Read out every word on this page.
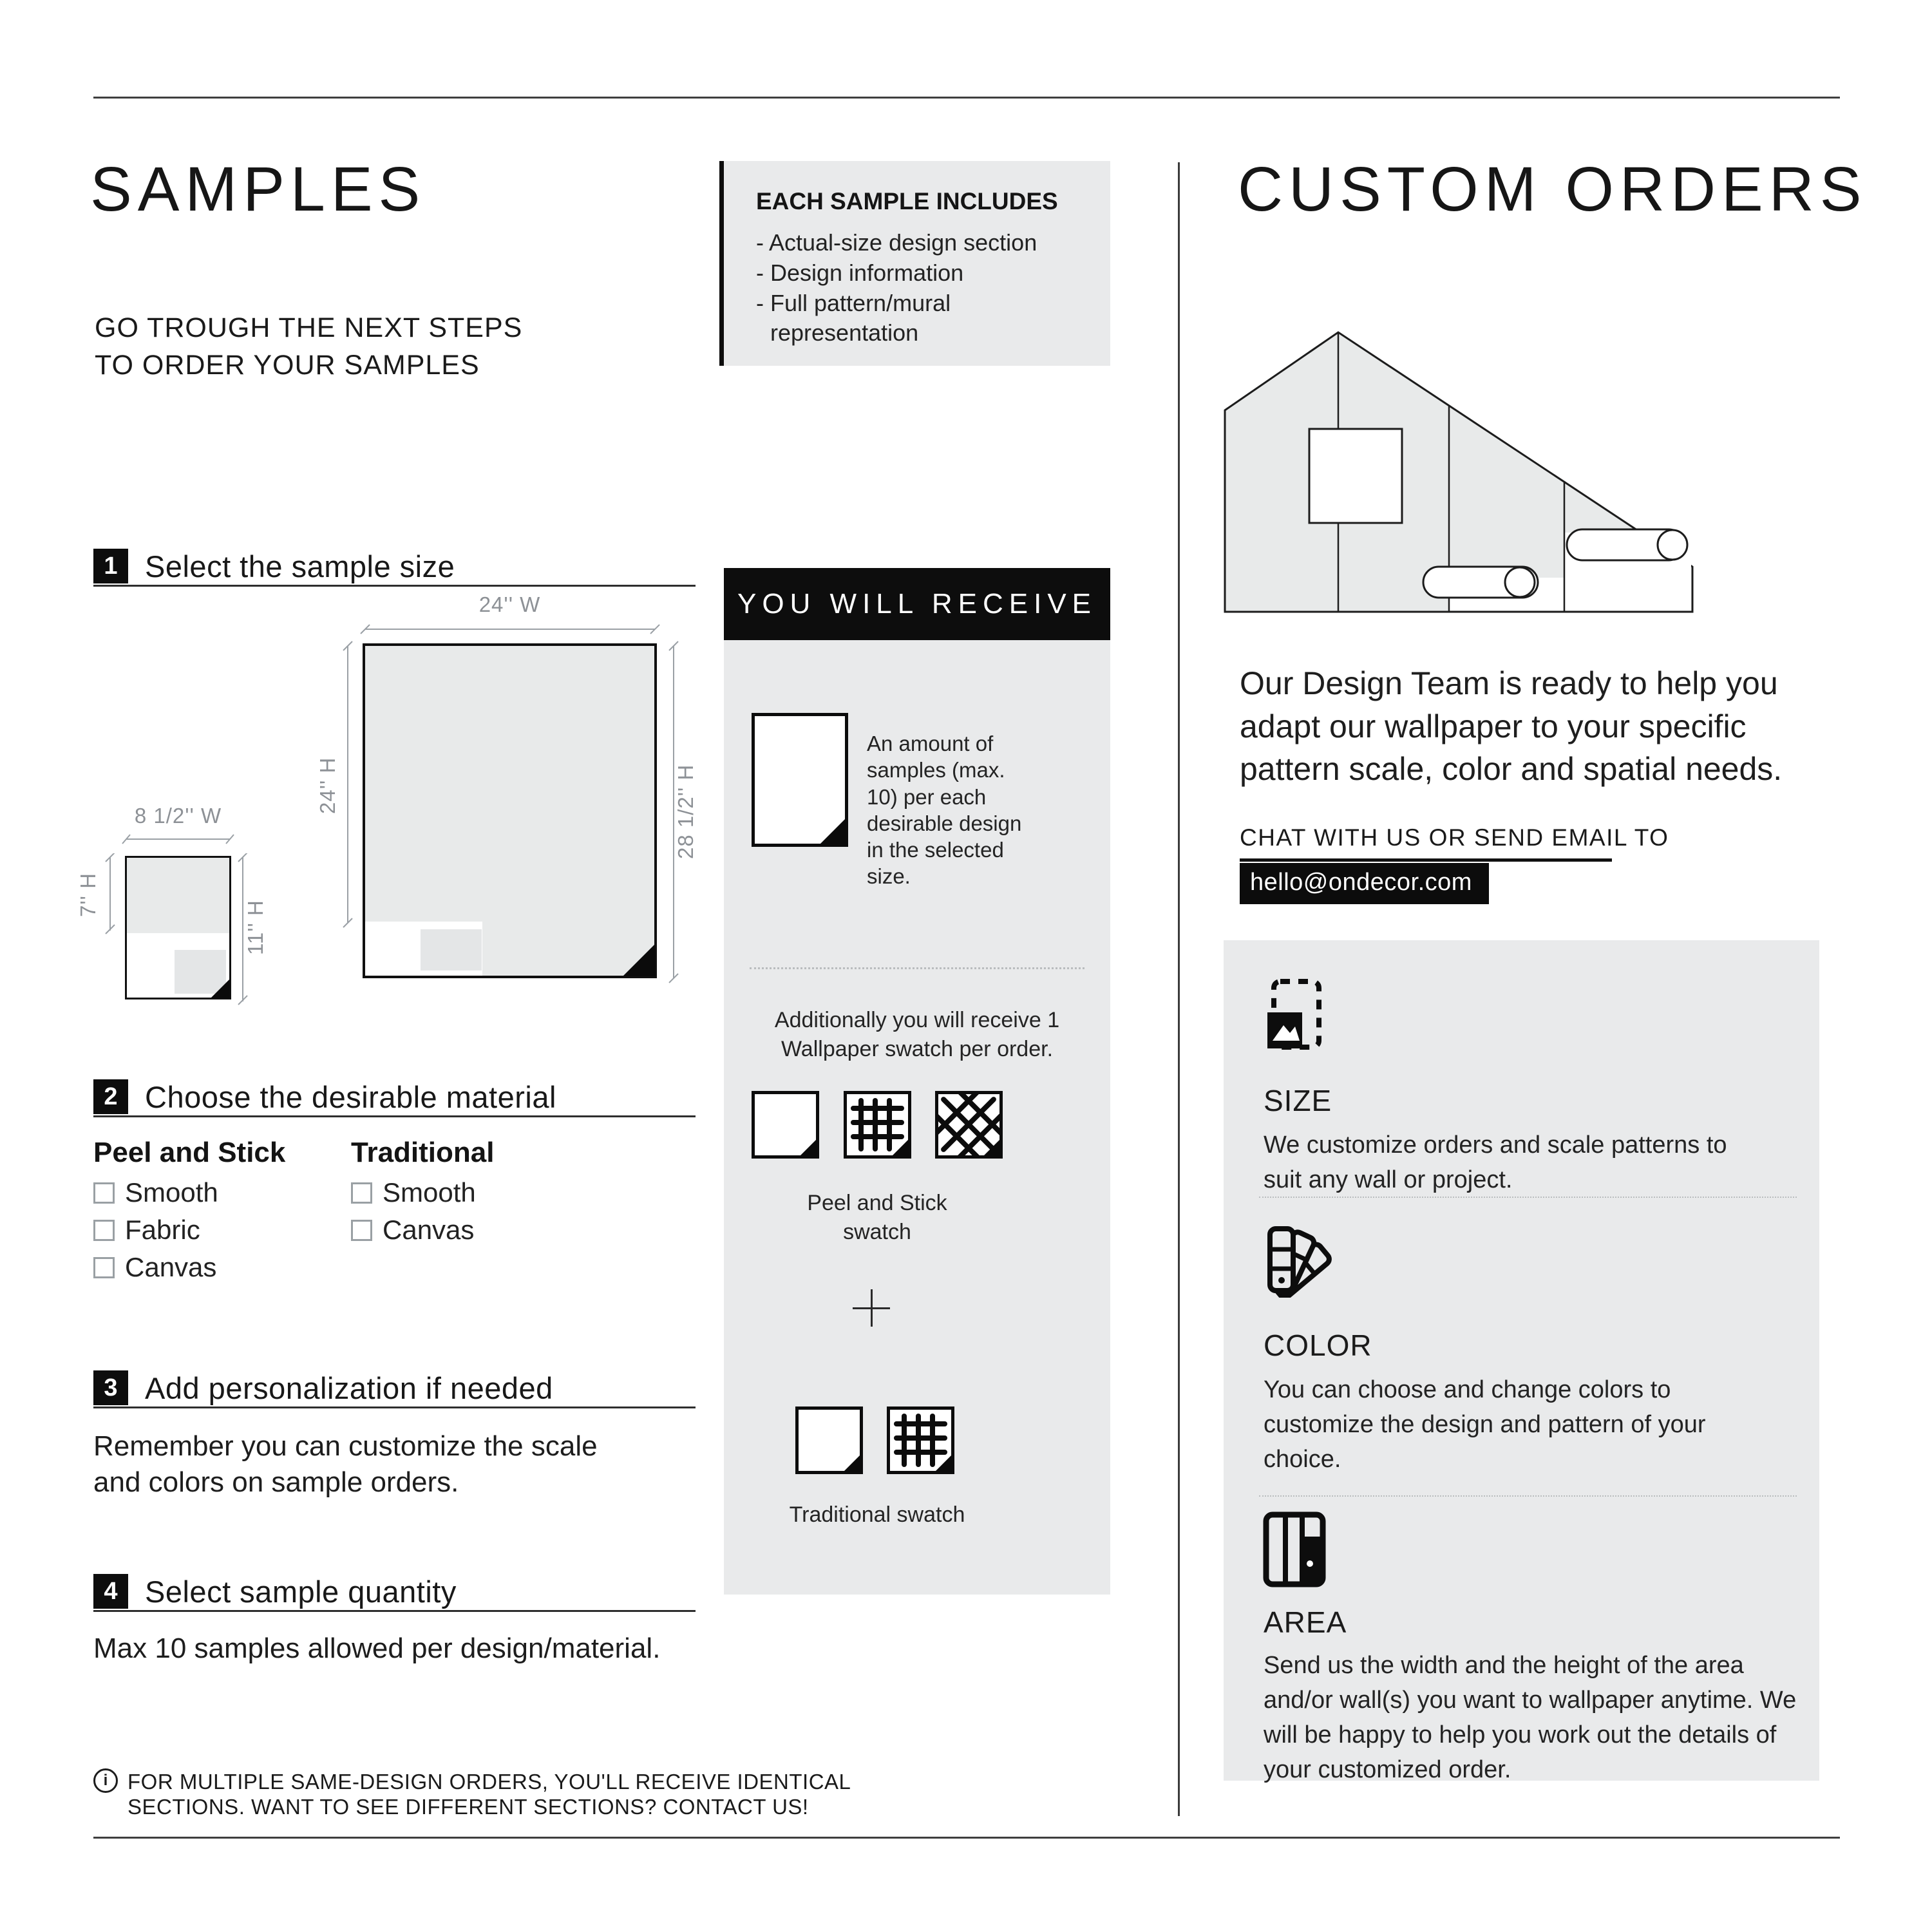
SAMPLES
GO TROUGH THE NEXT STEPS
TO ORDER YOUR SAMPLES
1 Select the sample size
24'' W
24'' H	28 1/2'' H
8 1/2'' W
7'' H
11'' H
2 Choose the desirable material
Peel and Stick Traditional
Smooth
Fabric
Canvas
Smooth
Canvas
3 Add personalization if needed
Remember you can customize the scale and colors on sample orders.
4 Select sample quantity
Max 10 samples allowed per design/material.
i
FOR MULTIPLE SAME-DESIGN ORDERS, YOU'LL RECEIVE IDENTICAL
SECTIONS. WANT TO SEE DIFFERENT SECTIONS? CONTACT US!
EACH SAMPLE INCLUDES
- Actual-size design section
- Design information
- Full pattern/mural representation
YOU WILL RECEIVE
An amount of samples (max. 10) per each desirable design in the selected size.
Additionally you will receive 1 Wallpaper swatch per order.
Peel and Stick swatch
Traditional swatch
CUSTOM ORDERS
Our Design Team is ready to help you adapt our wallpaper to your specific pattern scale, color and spatial needs.
CHAT WITH US OR SEND EMAIL TO
hello@ondecor.com
SIZE
We customize orders and scale patterns to suit any wall or project.
COLOR
You can choose and change colors to customize the design and pattern of your choice.
AREA
Send us the width and the height of the area and/or wall(s) you want to wallpaper anytime. We will be happy to help you work out the details of your customized order.
